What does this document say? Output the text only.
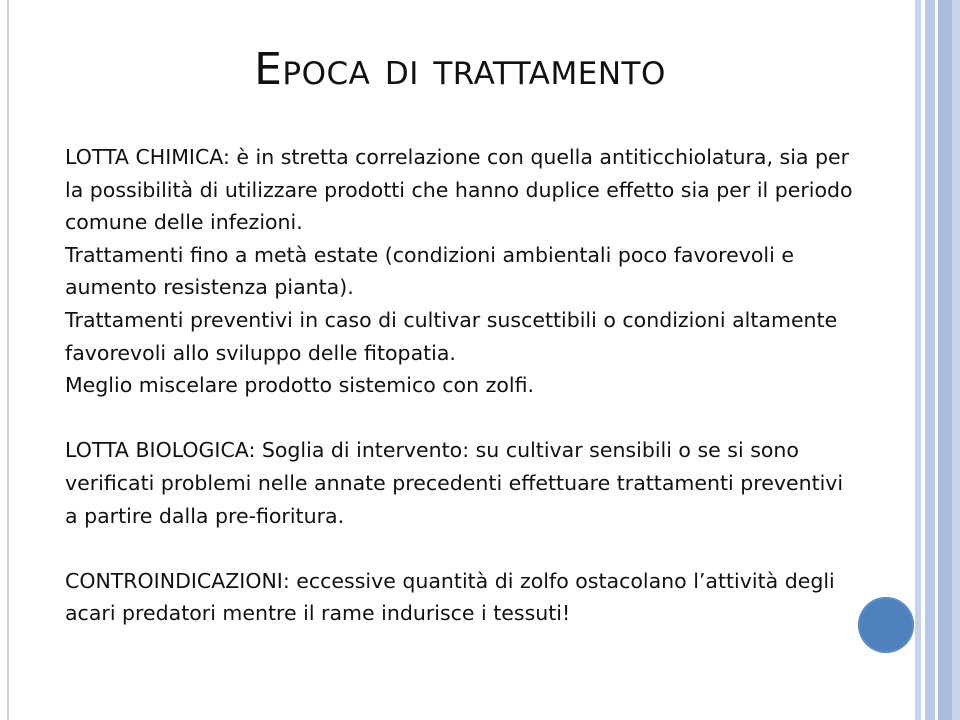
Epoca di trattamento

LOTTA CHIMICA: è in stretta correlazione con quella antiticchiolatura, sia per la possibilità di utilizzare prodotti che hanno duplice effetto sia per il periodo comune delle infezioni.

Trattamenti fino a metà estate (condizioni ambientali poco favorevoli e aumento resistenza pianta).

Trattamenti preventivi in caso di cultivar suscettibili o condizioni altamente favorevoli allo sviluppo delle fitopatia.

Meglio miscelare prodotto sistemico con zolfi.

LOTTA BIOLOGICA: Soglia di intervento: su cultivar sensibili o se si sono verificati problemi nelle annate precedenti effettuare trattamenti preventivi a partire dalla pre-fioritura.

CONTROINDICAZIONI: eccessive quantità di zolfo ostacolano l’attività degli acari predatori mentre il rame indurisce i tessuti!
